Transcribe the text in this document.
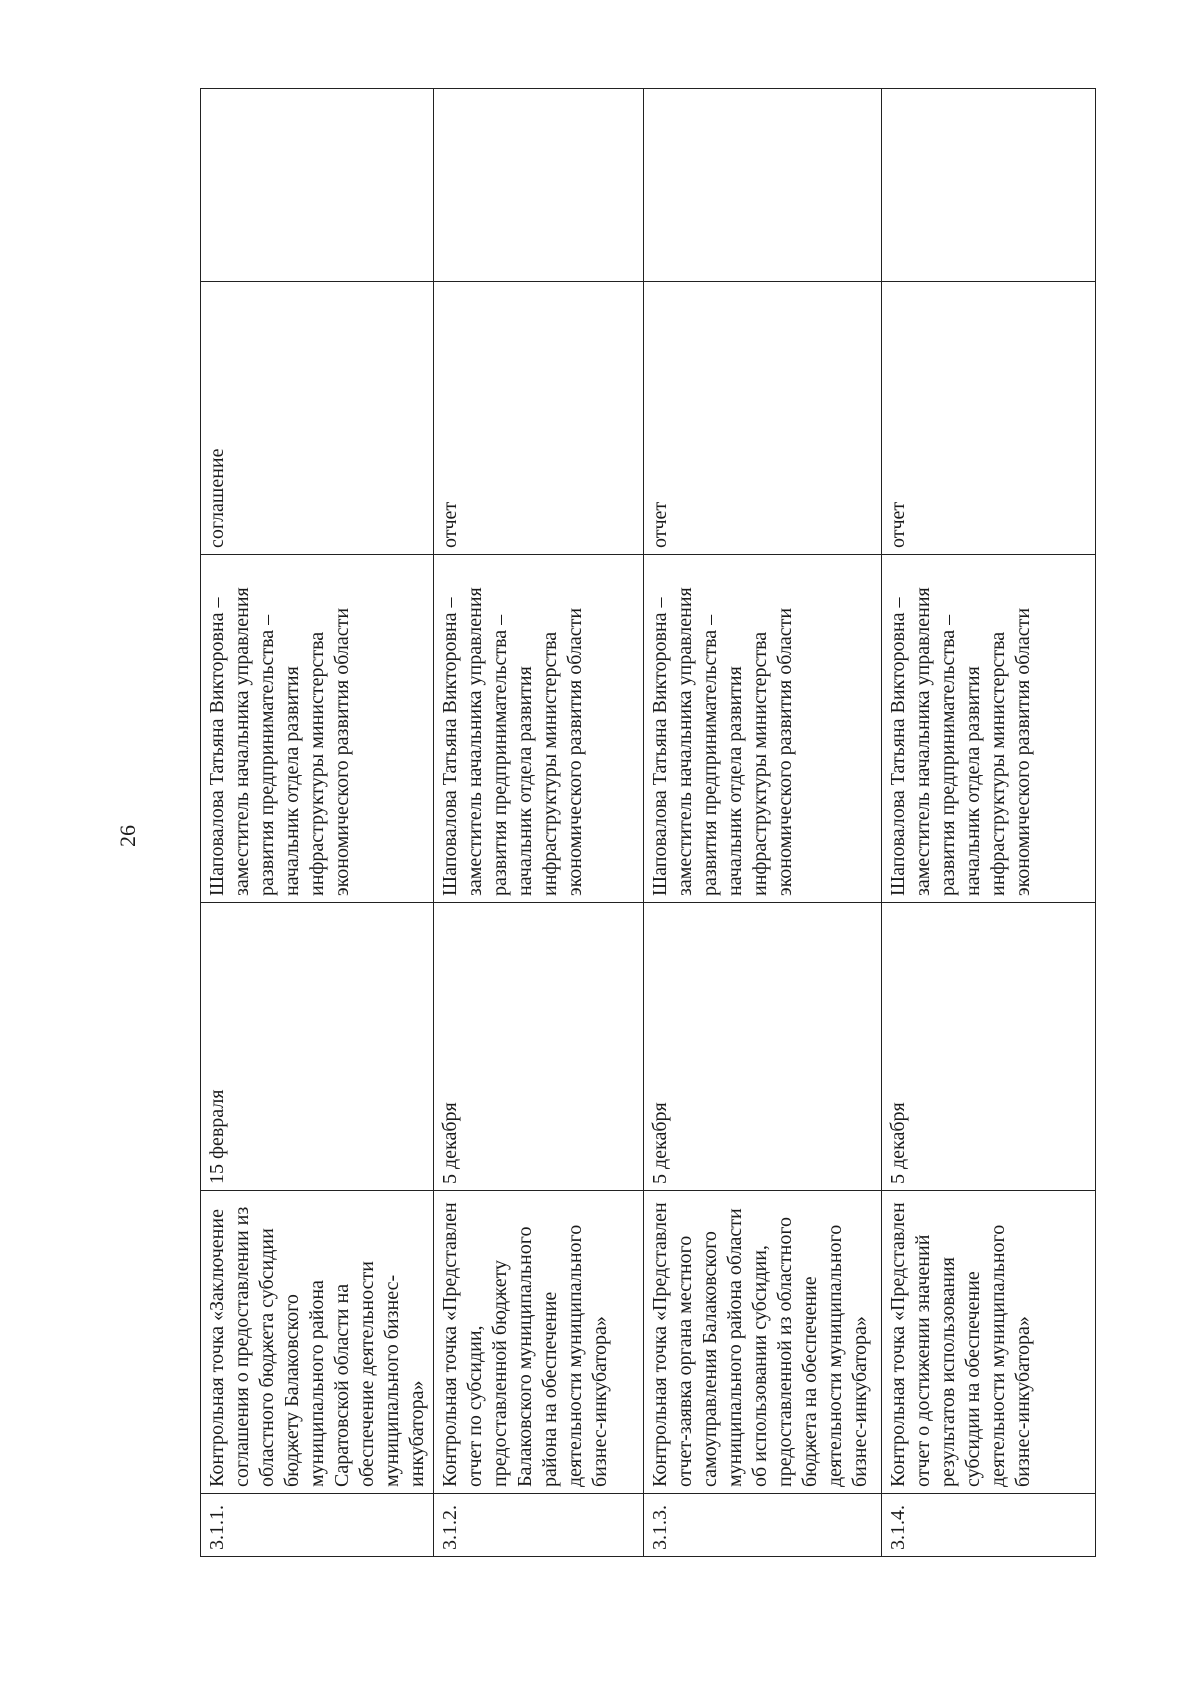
26
3.1.1.	Контрольная точка «Заключение соглашения о предоставлении из областного бюджета субсидии бюджету Балаковского муниципального района Саратовской области на обеспечение деятельности муниципального бизнес-инкубатора»	15 февраля	Шаповалова Татьяна Викторовна – заместитель начальника управления развития предпринимательства – начальник отдела развития инфраструктуры министерства экономического развития области	соглашение	
3.1.2.	Контрольная точка «Представлен отчет по субсидии, предоставленной бюджету Балаковского муниципального района на обеспечение деятельности муниципального бизнес-инкубатора»	5 декабря	Шаповалова Татьяна Викторовна – заместитель начальника управления развития предпринимательства – начальник отдела развития инфраструктуры министерства экономического развития области	отчет	
3.1.3.	Контрольная точка «Представлен отчет-заявка органа местного самоуправления Балаковского муниципального района области об использовании субсидии, предоставленной из областного бюджета на обеспечение деятельности муниципального бизнес-инкубатора»	5 декабря	Шаповалова Татьяна Викторовна – заместитель начальника управления развития предпринимательства – начальник отдела развития инфраструктуры министерства экономического развития области	отчет	
3.1.4.	Контрольная точка «Представлен отчет о достижении значений результатов использования субсидии на обеспечение деятельности муниципального бизнес-инкубатора»	5 декабря	Шаповалова Татьяна Викторовна – заместитель начальника управления развития предпринимательства – начальник отдела развития инфраструктуры министерства экономического развития области	отчет	
